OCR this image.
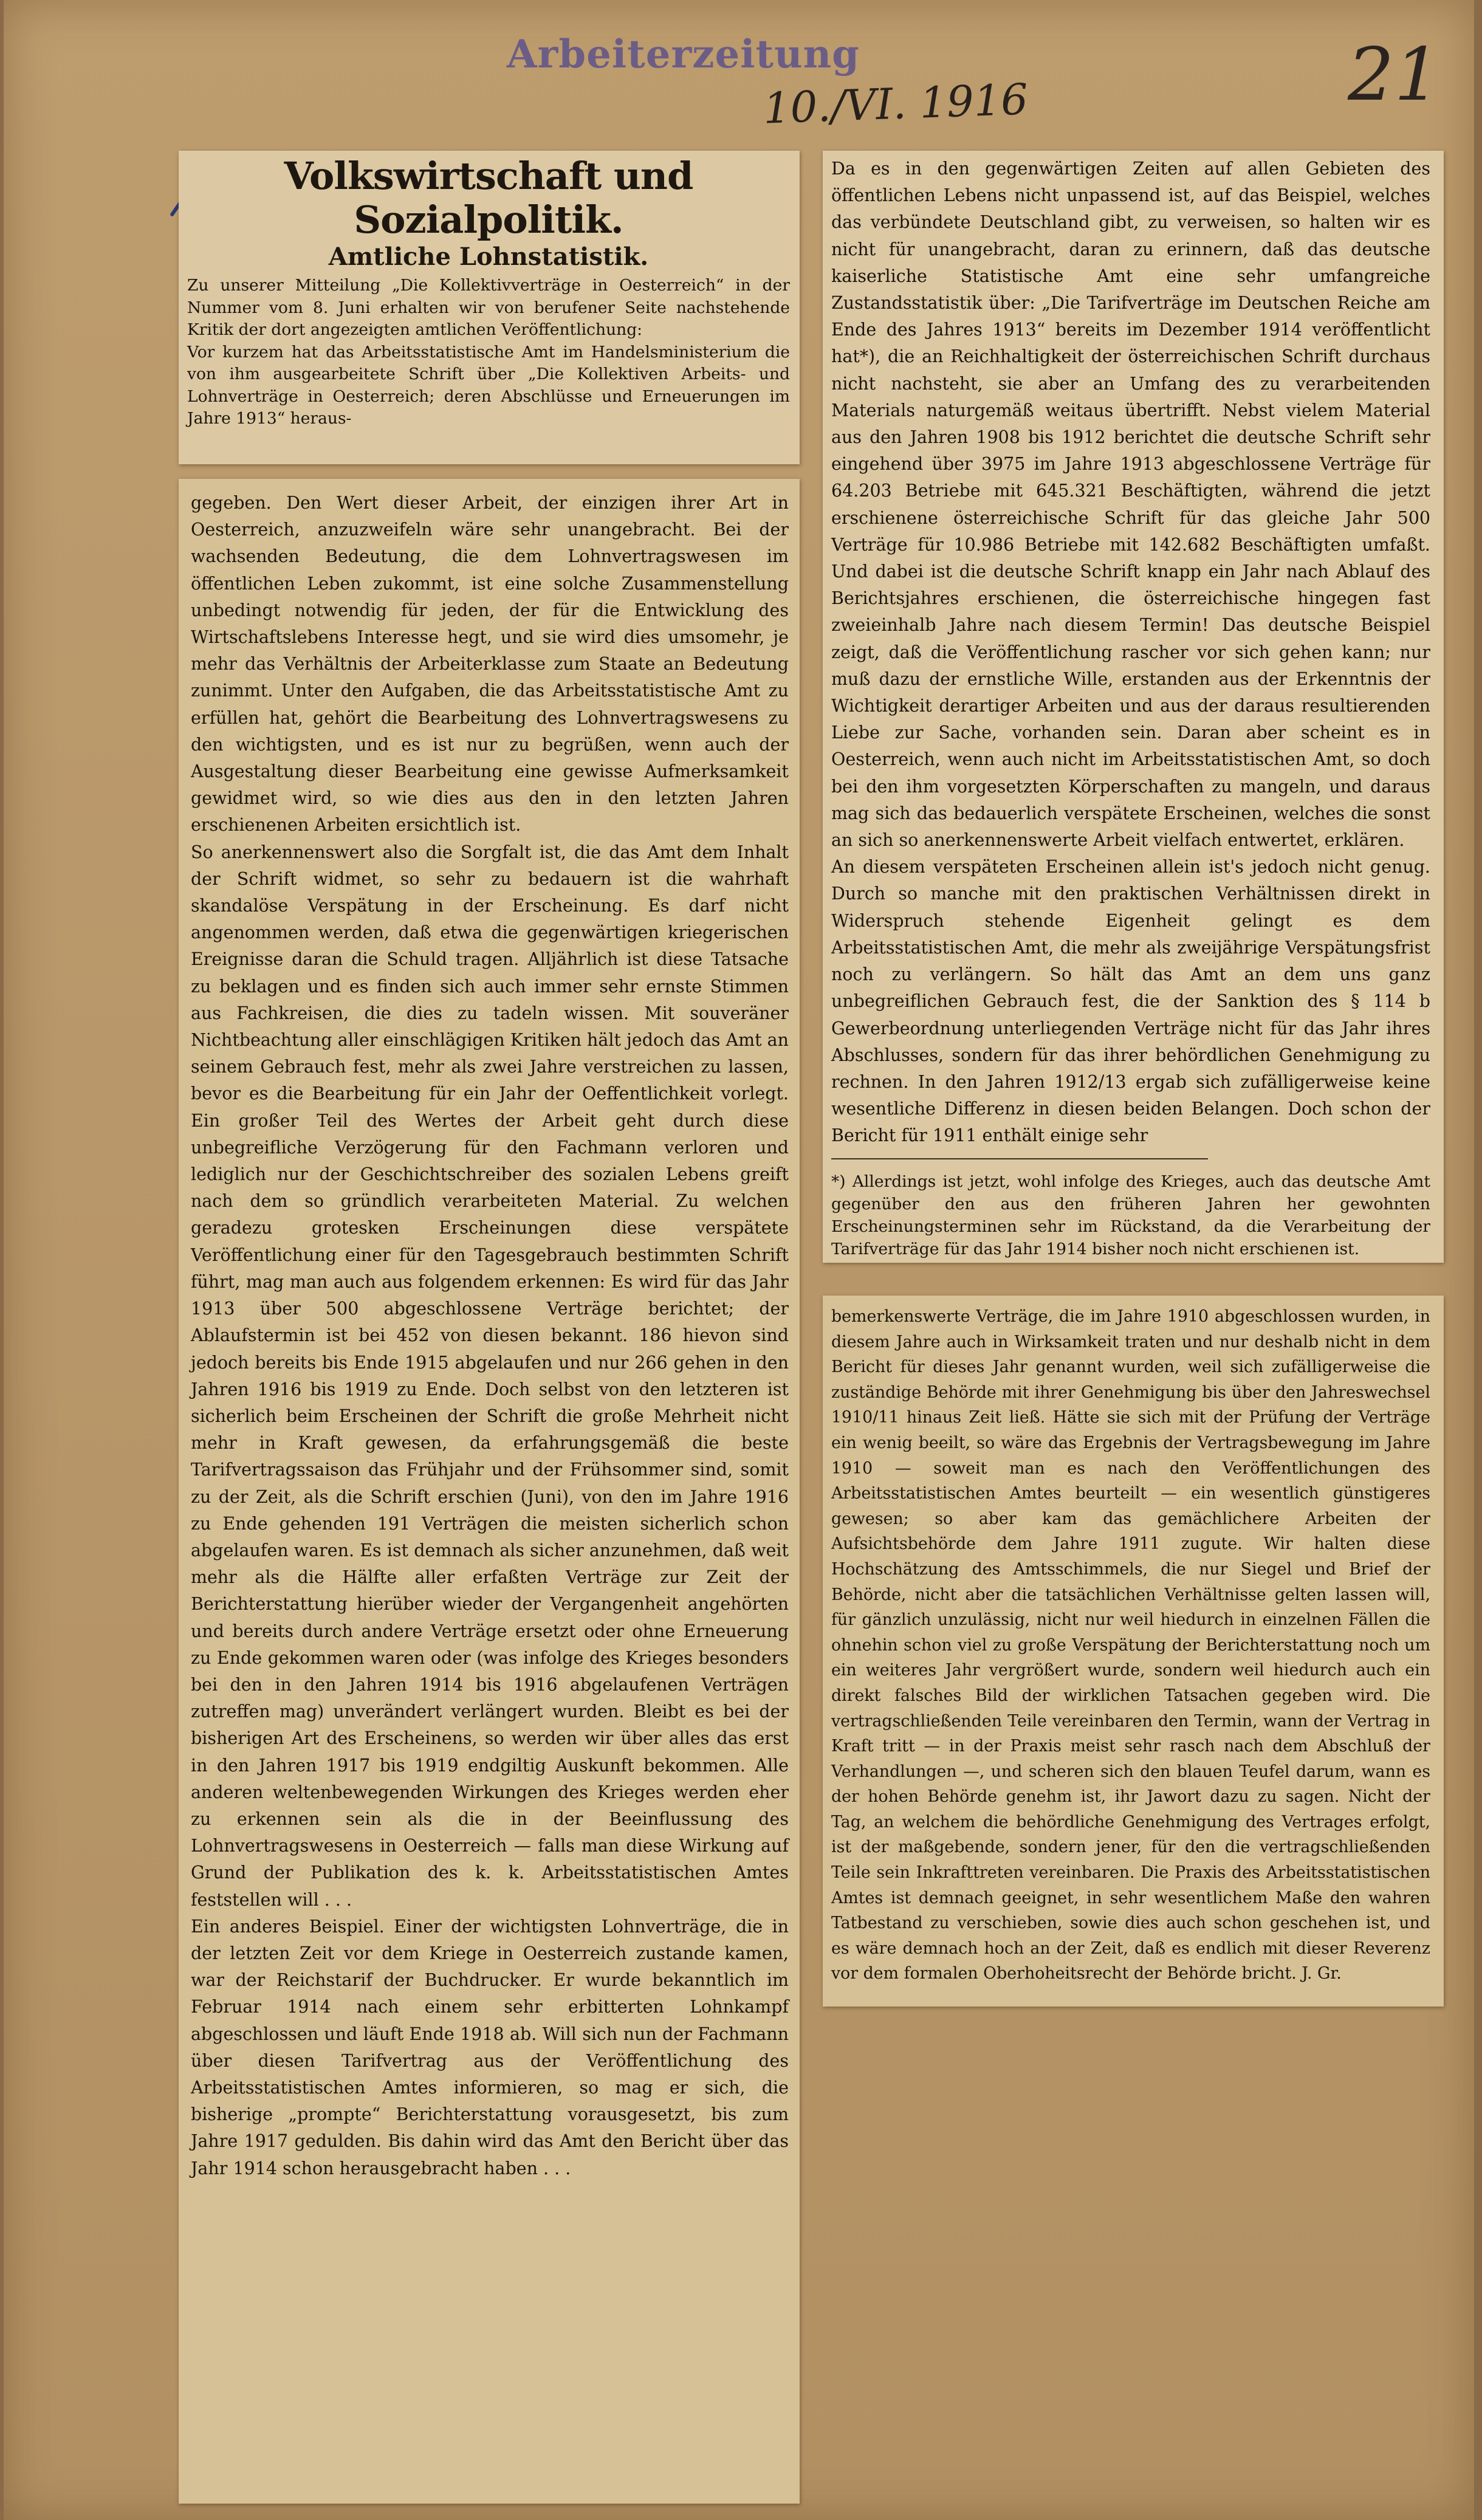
Arbeiterzeitung
10./VI. 1916	21

Volkswirtschaft und Sozialpolitik.

Amtliche Lohnstatistik.

Zu unserer Mitteilung „Die Kollektivverträge in Oesterreich“ in der Nummer vom 8. Juni erhalten wir von berufener Seite nachstehende Kritik der dort angezeigten amtlichen Veröffentlichung:
Vor kurzem hat das Arbeitsstatistische Amt im Handelsministerium die von ihm ausgearbeitete Schrift über „Die Kollektiven Arbeits- und Lohnverträge in Oesterreich; deren Abschlüsse und Erneuerungen im Jahre 1913“ heraus-

gegeben. Den Wert dieser Arbeit, der einzigen ihrer Art in Oesterreich, anzuzweifeln wäre sehr unangebracht. Bei der wachsenden Bedeutung, die dem Lohnvertragswesen im öffentlichen Leben zukommt, ist eine solche Zusammenstellung unbedingt notwendig für jeden, der für die Entwicklung des Wirtschaftslebens Interesse hegt, und sie wird dies umsomehr, je mehr das Verhältnis der Arbeiterklasse zum Staate an Bedeutung zunimmt. Unter den Aufgaben, die das Arbeitsstatistische Amt zu erfüllen hat, gehört die Bearbeitung des Lohnvertragswesens zu den wichtigsten, und es ist nur zu begrüßen, wenn auch der Ausgestaltung dieser Bearbeitung eine gewisse Aufmerksamkeit gewidmet wird, so wie dies aus den in den letzten Jahren erschienenen Arbeiten ersichtlich ist.
So anerkennenswert also die Sorgfalt ist, die das Amt dem Inhalt der Schrift widmet, so sehr zu bedauern ist die wahrhaft skandalöse Verspätung in der Erscheinung. Es darf nicht angenommen werden, daß etwa die gegenwärtigen kriegerischen Ereignisse daran die Schuld tragen. Alljährlich ist diese Tatsache zu beklagen und es finden sich auch immer sehr ernste Stimmen aus Fachkreisen, die dies zu tadeln wissen. Mit souveräner Nichtbeachtung aller einschlägigen Kritiken hält jedoch das Amt an seinem Gebrauch fest, mehr als zwei Jahre verstreichen zu lassen, bevor es die Bearbeitung für ein Jahr der Oeffentlichkeit vorlegt. Ein großer Teil des Wertes der Arbeit geht durch diese unbegreifliche Verzögerung für den Fachmann verloren und lediglich nur der Geschichtschreiber des sozialen Lebens greift nach dem so gründlich verarbeiteten Material. Zu welchen geradezu grotesken Erscheinungen diese verspätete Veröffentlichung einer für den Tagesgebrauch bestimmten Schrift führt, mag man auch aus folgendem erkennen: Es wird für das Jahr 1913 über 500 abgeschlossene Verträge berichtet; der Ablaufstermin ist bei 452 von diesen bekannt. 186 hievon sind jedoch bereits bis Ende 1915 abgelaufen und nur 266 gehen in den Jahren 1916 bis 1919 zu Ende. Doch selbst von den letzteren ist sicherlich beim Erscheinen der Schrift die große Mehrheit nicht mehr in Kraft gewesen, da erfahrungsgemäß die beste Tarifvertragssaison das Frühjahr und der Frühsommer sind, somit zu der Zeit, als die Schrift erschien (Juni), von den im Jahre 1916 zu Ende gehenden 191 Verträgen die meisten sicherlich schon abgelaufen waren. Es ist demnach als sicher anzunehmen, daß weit mehr als die Hälfte aller erfaßten Verträge zur Zeit der Berichterstattung hierüber wieder der Vergangenheit angehörten und bereits durch andere Verträge ersetzt oder ohne Erneuerung zu Ende gekommen waren oder (was infolge des Krieges besonders bei den in den Jahren 1914 bis 1916 abgelaufenen Verträgen zutreffen mag) unverändert verlängert wurden. Bleibt es bei der bisherigen Art des Erscheinens, so werden wir über alles das erst in den Jahren 1917 bis 1919 endgiltig Auskunft bekommen. Alle anderen weltenbewegenden Wirkungen des Krieges werden eher zu erkennen sein als die in der Beeinflussung des Lohnvertragswesens in Oesterreich — falls man diese Wirkung auf Grund der Publikation des k. k. Arbeitsstatistischen Amtes feststellen will . . .
Ein anderes Beispiel. Einer der wichtigsten Lohnverträge, die in der letzten Zeit vor dem Kriege in Oesterreich zustande kamen, war der Reichstarif der Buchdrucker. Er wurde bekanntlich im Februar 1914 nach einem sehr erbitterten Lohnkampf abgeschlossen und läuft Ende 1918 ab. Will sich nun der Fachmann über diesen Tarifvertrag aus der Veröffentlichung des Arbeitsstatistischen Amtes informieren, so mag er sich, die bisherige „prompte“ Berichterstattung vorausgesetzt, bis zum Jahre 1917 gedulden. Bis dahin wird das Amt den Bericht über das Jahr 1914 schon herausgebracht haben . . .

Da es in den gegenwärtigen Zeiten auf allen Gebieten des öffentlichen Lebens nicht unpassend ist, auf das Beispiel, welches das verbündete Deutschland gibt, zu verweisen, so halten wir es nicht für unangebracht, daran zu erinnern, daß das deutsche kaiserliche Statistische Amt eine sehr umfangreiche Zustandsstatistik über: „Die Tarifverträge im Deutschen Reiche am Ende des Jahres 1913“ bereits im Dezember 1914 veröffentlicht hat*), die an Reichhaltigkeit der österreichischen Schrift durchaus nicht nachsteht, sie aber an Umfang des zu verarbeitenden Materials naturgemäß weitaus übertrifft. Nebst vielem Material aus den Jahren 1908 bis 1912 berichtet die deutsche Schrift sehr eingehend über 3975 im Jahre 1913 abgeschlossene Verträge für 64.203 Betriebe mit 645.321 Beschäftigten, während die jetzt erschienene österreichische Schrift für das gleiche Jahr 500 Verträge für 10.986 Betriebe mit 142.682 Beschäftigten umfaßt. Und dabei ist die deutsche Schrift knapp ein Jahr nach Ablauf des Berichtsjahres erschienen, die österreichische hingegen fast zweieinhalb Jahre nach diesem Termin! Das deutsche Beispiel zeigt, daß die Veröffentlichung rascher vor sich gehen kann; nur muß dazu der ernstliche Wille, erstanden aus der Erkenntnis der Wichtigkeit derartiger Arbeiten und aus der daraus resultierenden Liebe zur Sache, vorhanden sein. Daran aber scheint es in Oesterreich, wenn auch nicht im Arbeitsstatistischen Amt, so doch bei den ihm vorgesetzten Körperschaften zu mangeln, und daraus mag sich das bedauerlich verspätete Erscheinen, welches die sonst an sich so anerkennenswerte Arbeit vielfach entwertet, erklären.
An diesem verspäteten Erscheinen allein ist's jedoch nicht genug. Durch so manche mit den praktischen Verhältnissen direkt in Widerspruch stehende Eigenheit gelingt es dem Arbeitsstatistischen Amt, die mehr als zweijährige Verspätungsfrist noch zu verlängern. So hält das Amt an dem uns ganz unbegreiflichen Gebrauch fest, die der Sanktion des § 114 b Gewerbeordnung unterliegenden Verträge nicht für das Jahr ihres Abschlusses, sondern für das ihrer behördlichen Genehmigung zu rechnen. In den Jahren 1912/13 ergab sich zufälligerweise keine wesentliche Differenz in diesen beiden Belangen. Doch schon der Bericht für 1911 enthält einige sehr

*) Allerdings ist jetzt, wohl infolge des Krieges, auch das deutsche Amt gegenüber den aus den früheren Jahren her gewohnten Erscheinungsterminen sehr im Rückstand, da die Verarbeitung der Tarifverträge für das Jahr 1914 bisher noch nicht erschienen ist.

bemerkenswerte Verträge, die im Jahre 1910 abgeschlossen wurden, in diesem Jahre auch in Wirksamkeit traten und nur deshalb nicht in dem Bericht für dieses Jahr genannt wurden, weil sich zufälligerweise die zuständige Behörde mit ihrer Genehmigung bis über den Jahreswechsel 1910/11 hinaus Zeit ließ. Hätte sie sich mit der Prüfung der Verträge ein wenig beeilt, so wäre das Ergebnis der Vertragsbewegung im Jahre 1910 — soweit man es nach den Veröffentlichungen des Arbeitsstatistischen Amtes beurteilt — ein wesentlich günstigeres gewesen; so aber kam das gemächlichere Arbeiten der Aufsichtsbehörde dem Jahre 1911 zugute. Wir halten diese Hochschätzung des Amtsschimmels, die nur Siegel und Brief der Behörde, nicht aber die tatsächlichen Verhältnisse gelten lassen will, für gänzlich unzulässig, nicht nur weil hiedurch in einzelnen Fällen die ohnehin schon viel zu große Verspätung der Berichterstattung noch um ein weiteres Jahr vergrößert wurde, sondern weil hiedurch auch ein direkt falsches Bild der wirklichen Tatsachen gegeben wird. Die vertragschließenden Teile vereinbaren den Termin, wann der Vertrag in Kraft tritt — in der Praxis meist sehr rasch nach dem Abschluß der Verhandlungen —, und scheren sich den blauen Teufel darum, wann es der hohen Behörde genehm ist, ihr Jawort dazu zu sagen. Nicht der Tag, an welchem die behördliche Genehmigung des Vertrages erfolgt, ist der maßgebende, sondern jener, für den die vertragschließenden Teile sein Inkrafttreten vereinbaren. Die Praxis des Arbeitsstatistischen Amtes ist demnach geeignet, in sehr wesentlichem Maße den wahren Tatbestand zu verschieben, sowie dies auch schon geschehen ist, und es wäre demnach hoch an der Zeit, daß es endlich mit dieser Reverenz vor dem formalen Oberhoheitsrecht der Behörde bricht. J. Gr.
